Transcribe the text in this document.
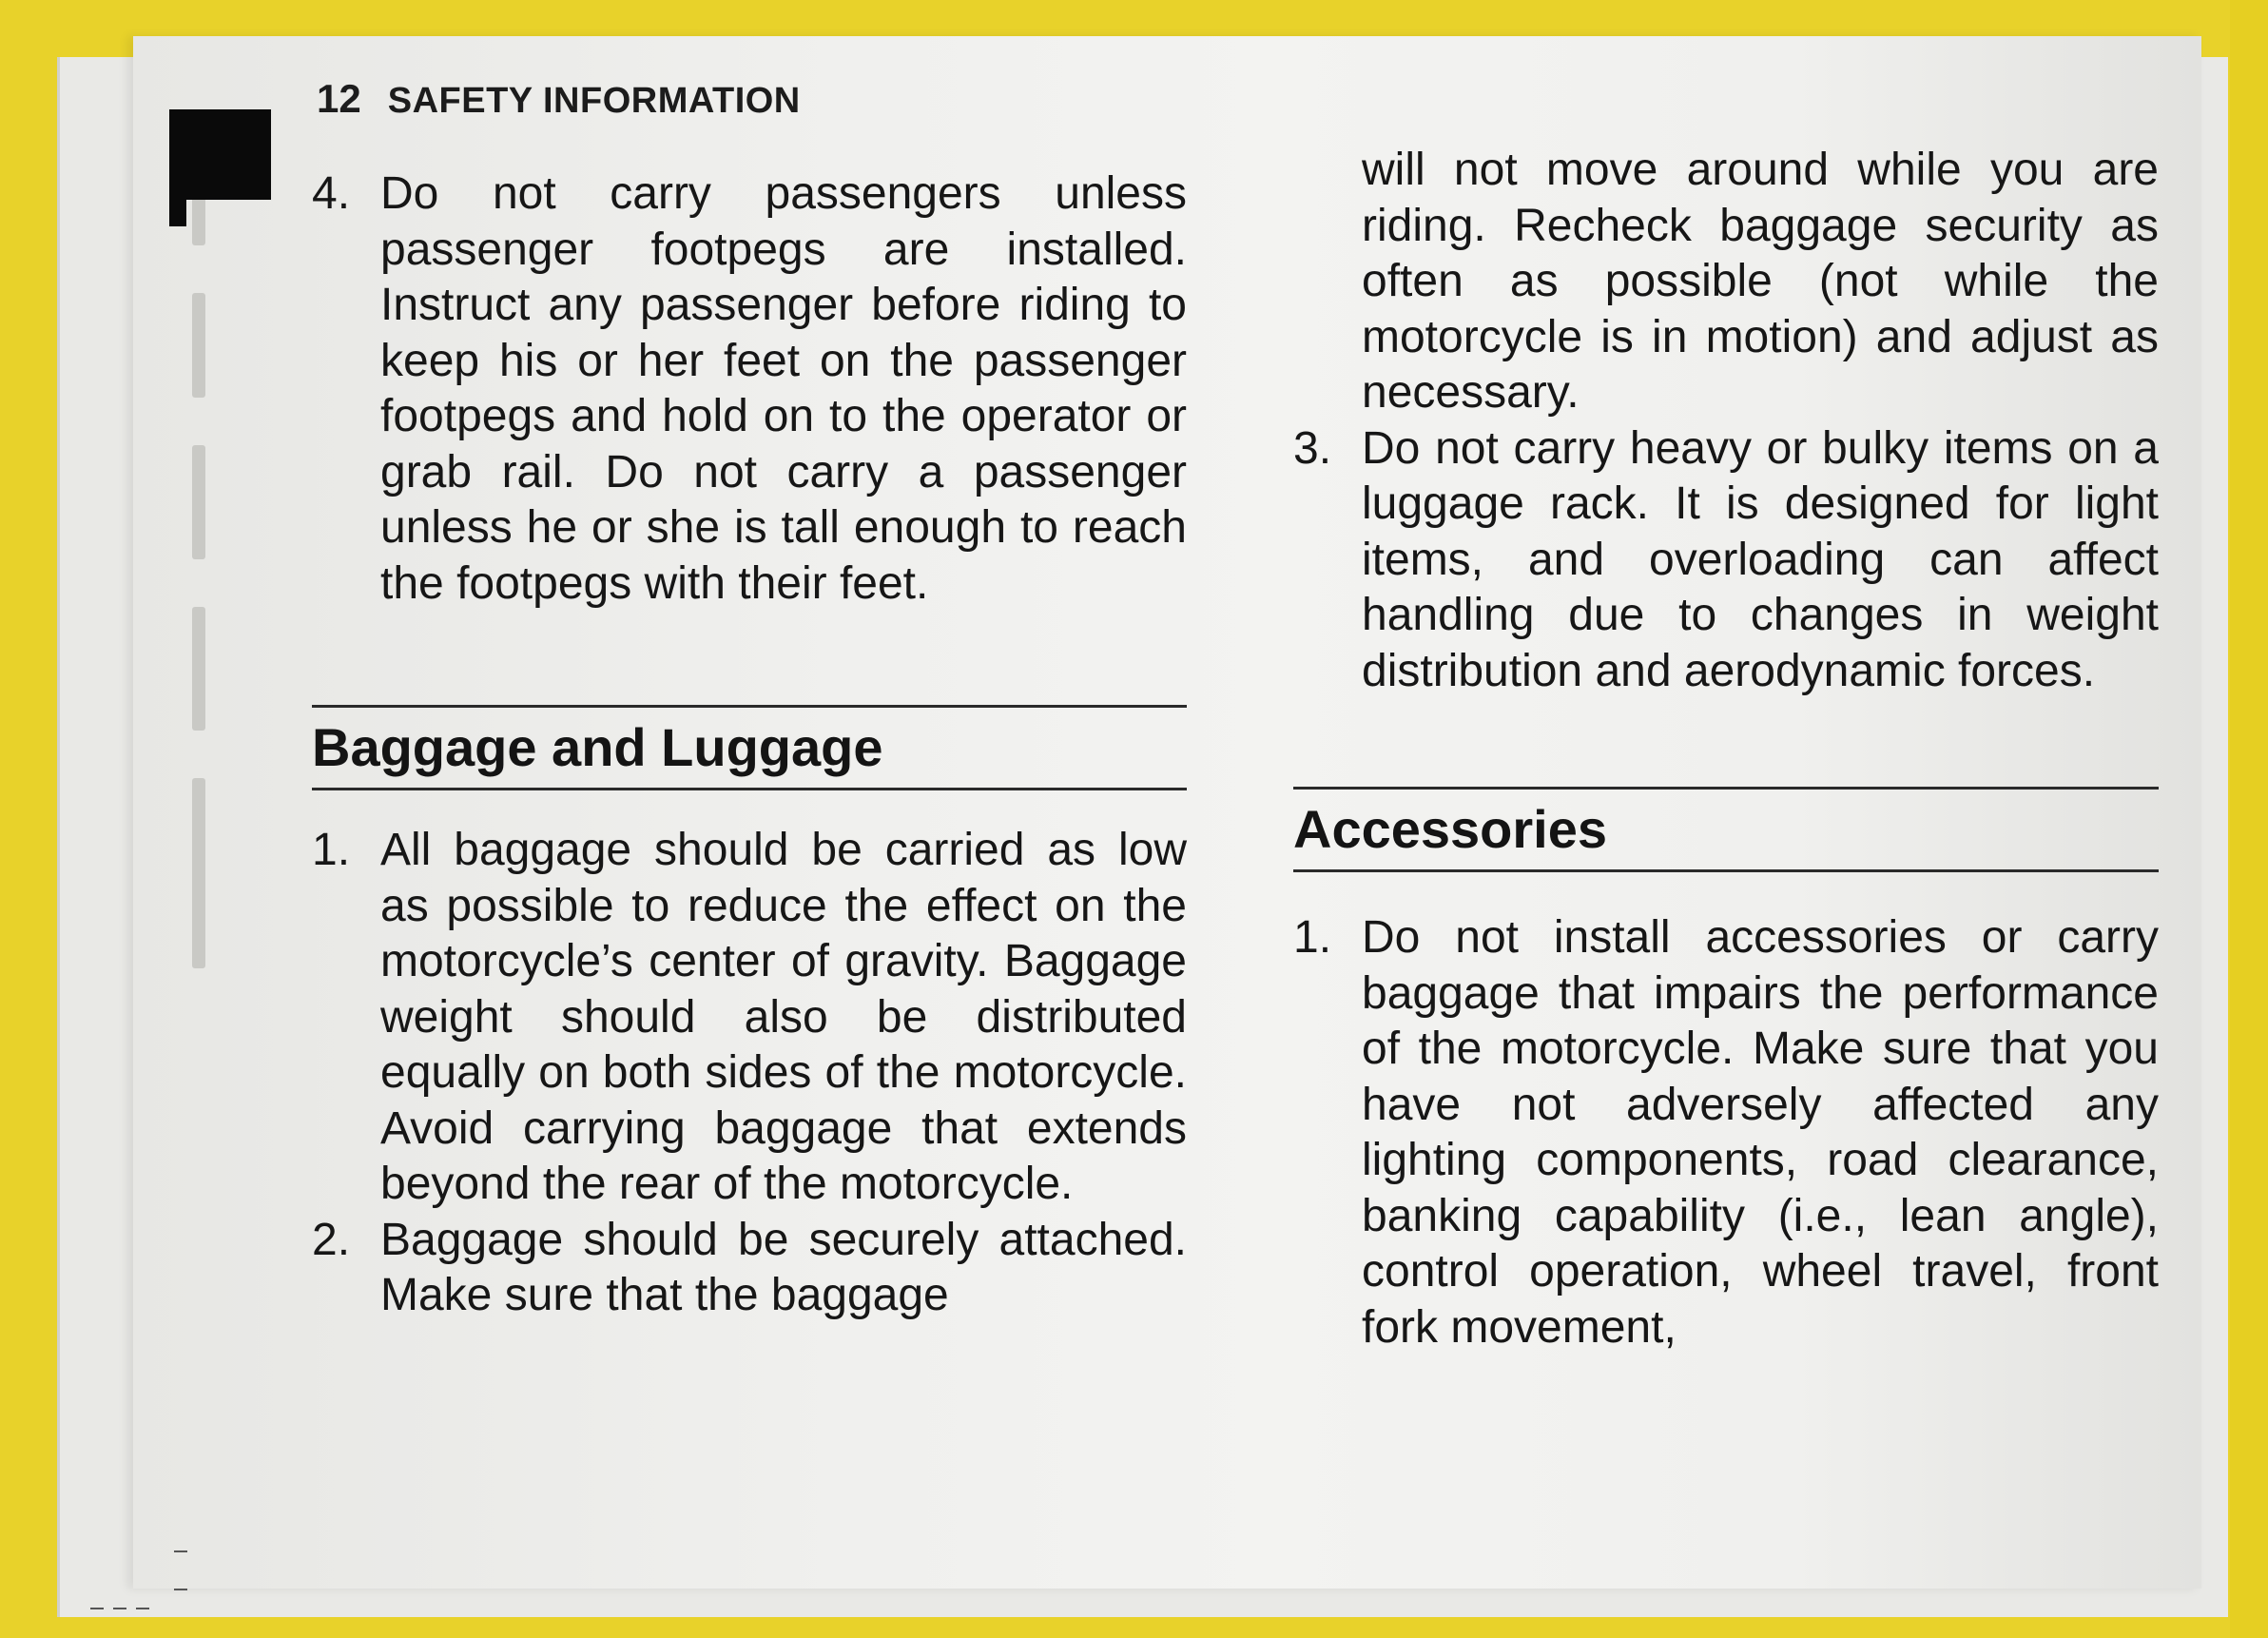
12 SAFETY INFORMATION
4. Do not carry passengers unless passenger footpegs are installed. Instruct any passenger before riding to keep his or her feet on the passenger footpegs and hold on to the operator or grab rail. Do not carry a passenger unless he or she is tall enough to reach the footpegs with their feet.
Baggage and Luggage
1. All baggage should be carried as low as possible to reduce the effect on the motorcycle’s center of gravity. Baggage weight should also be distributed equally on both sides of the motorcycle. Avoid carrying baggage that extends beyond the rear of the motorcycle.
2. Baggage should be securely attached. Make sure that the baggage
will not move around while you are riding. Recheck baggage security as often as possible (not while the motorcycle is in motion) and adjust as necessary.
3. Do not carry heavy or bulky items on a luggage rack. It is designed for light items, and overloading can affect handling due to changes in weight distribution and aerodynamic forces.
Accessories
1. Do not install accessories or carry baggage that impairs the performance of the motorcycle. Make sure that you have not adversely affected any lighting components, road clearance, banking capability (i.e., lean angle), control operation, wheel travel, front fork movement,
